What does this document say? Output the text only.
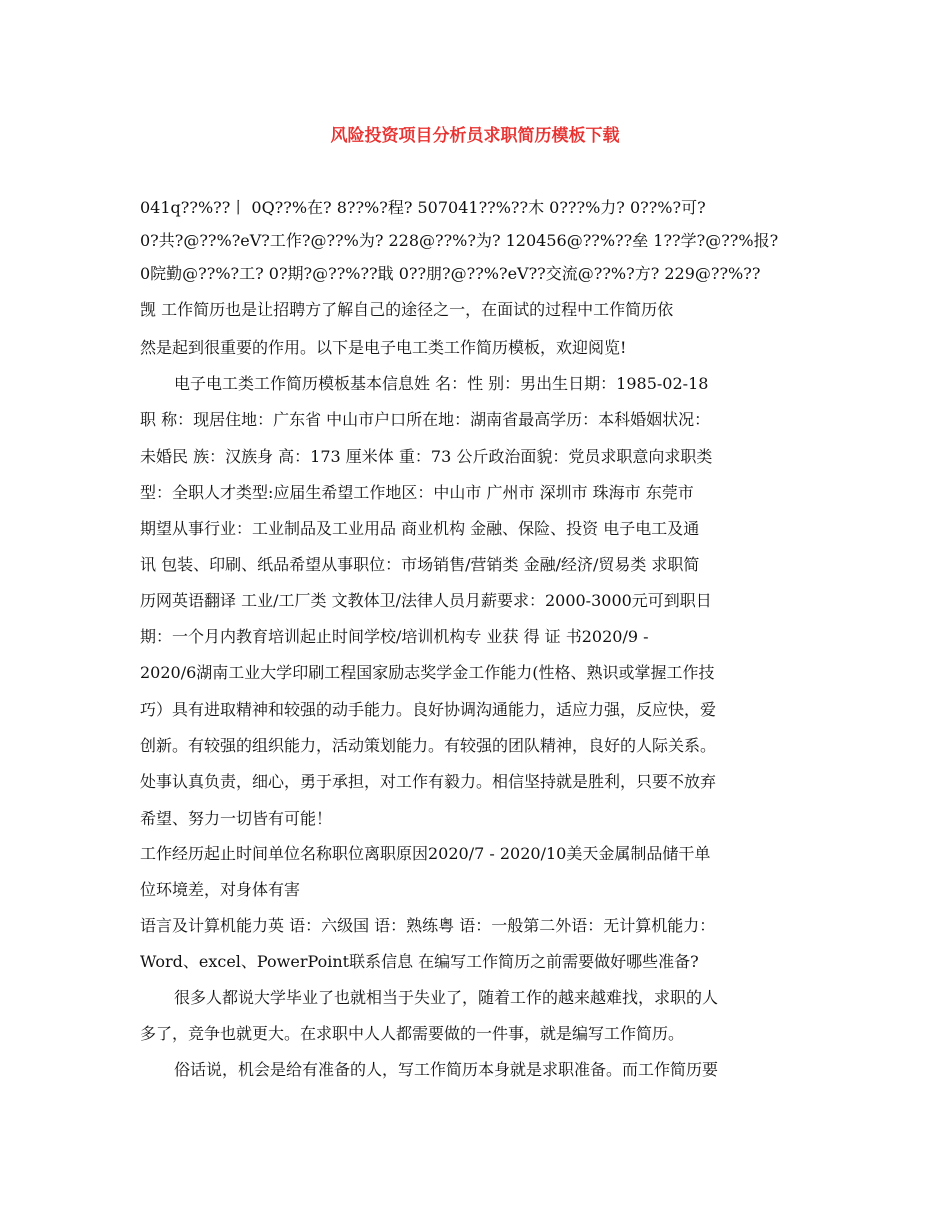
风险投资项目分析员求职简历模板下载
041q??%??丨 0Q??%在? 8??%?程? 507041??%??木 0???%力? 0??%?可?
0?共?@??%?eV?工作?@??%为? 228@??%?为? 120456@??%??垒 1??学?@??%报?
0院勤@??%?工? 0?期?@??%??戢 0??朋?@??%?eV??交流@??%?方? 229@??%??
觊 工作简历也是让招聘方了解自己的途径之一，在面试的过程中工作简历依
然是起到很重要的作用。以下是电子电工类工作简历模板，欢迎阅览!
电子电工类工作简历模板基本信息姓 名：性 别：男出生日期：1985-02-18
职 称：现居住地：广东省 中山市户口所在地：湖南省最高学历：本科婚姻状况：
未婚民 族：汉族身 高：173 厘米体 重：73 公斤政治面貌：党员求职意向求职类
型：全职人才类型:应届生希望工作地区：中山市 广州市 深圳市 珠海市 东莞市
期望从事行业：工业制品及工业用品 商业机构 金融、保险、投资 电子电工及通
讯 包装、印刷、纸品希望从事职位：市场销售/营销类 金融/经济/贸易类 求职简
历网英语翻译 工业/工厂类 文教体卫/法律人员月薪要求：2000-3000元可到职日
期：一个月内教育培训起止时间学校/培训机构专 业获 得 证 书2020/9 -
2020/6湖南工业大学印刷工程国家励志奖学金工作能力(性格、熟识或掌握工作技
巧）具有进取精神和较强的动手能力。良好协调沟通能力，适应力强，反应快，爱
创新。有较强的组织能力，活动策划能力。有较强的团队精神，良好的人际关系。
处事认真负责，细心，勇于承担，对工作有毅力。相信坚持就是胜利，只要不放弃
希望、努力一切皆有可能！
工作经历起止时间单位名称职位离职原因2020/7 - 2020/10美天金属制品储干单
位环境差，对身体有害
语言及计算机能力英 语：六级国 语：熟练粤 语：一般第二外语：无计算机能力：
Word、excel、PowerPoint联系信息 在编写工作简历之前需要做好哪些准备?
很多人都说大学毕业了也就相当于失业了，随着工作的越来越难找，求职的人
多了，竞争也就更大。在求职中人人都需要做的一件事，就是编写工作简历。
俗话说，机会是给有准备的人，写工作简历本身就是求职准备。而工作简历要
